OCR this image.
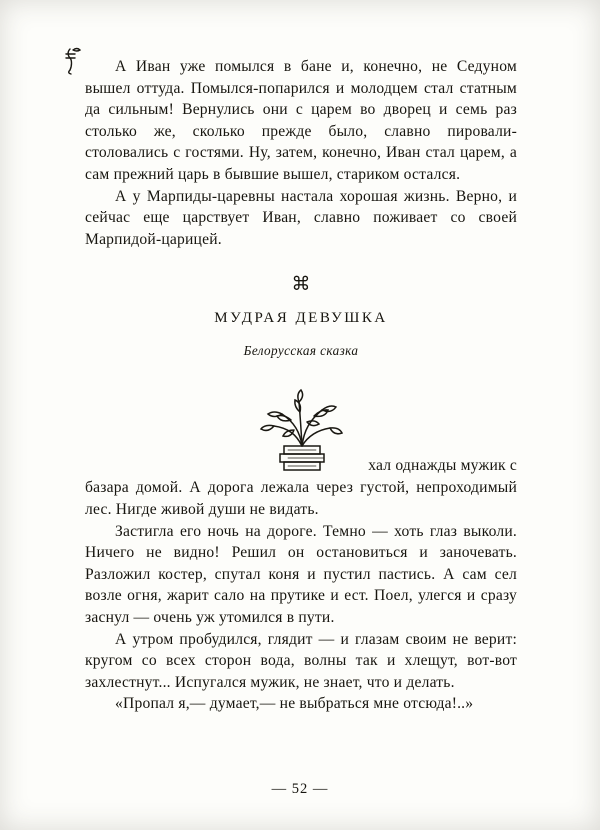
А Иван уже помылся в бане и, конечно, не Седуном вышел оттуда. Помылся-попарился и молодцем стал статным да сильным! Вернулись они с царем во дворец и семь раз столько же, сколько прежде было, славно пировали-столовались с гостями. Ну, затем, конечно, Иван стал царем, а сам прежний царь в бывшие вышел, стариком остался.

А у Марпиды-царевны настала хорошая жизнь. Верно, и сейчас еще царствует Иван, славно поживает со своей Марпидой-царицей.

⌘
МУДРАЯ ДЕВУШКА

Белорусская сказка

хал однажды мужик с

базара домой. А дорога лежала через густой, непроходимый лес. Нигде живой души не видать.

Застигла его ночь на дороге. Темно — хоть глаз выколи. Ничего не видно! Решил он остановиться и заночевать. Разложил костер, спутал коня и пустил пастись. А сам сел возле огня, жарит сало на прутике и ест. Поел, улегся и сразу заснул — очень уж утомился в пути.

А утром пробудился, глядит — и глазам своим не верит: кругом со всех сторон вода, волны так и хлещут, вот-вот захлестнут... Испугался мужик, не знает, что и делать.

«Пропал я,— думает,— не выбраться мне отсюда!..»

— 52 —
